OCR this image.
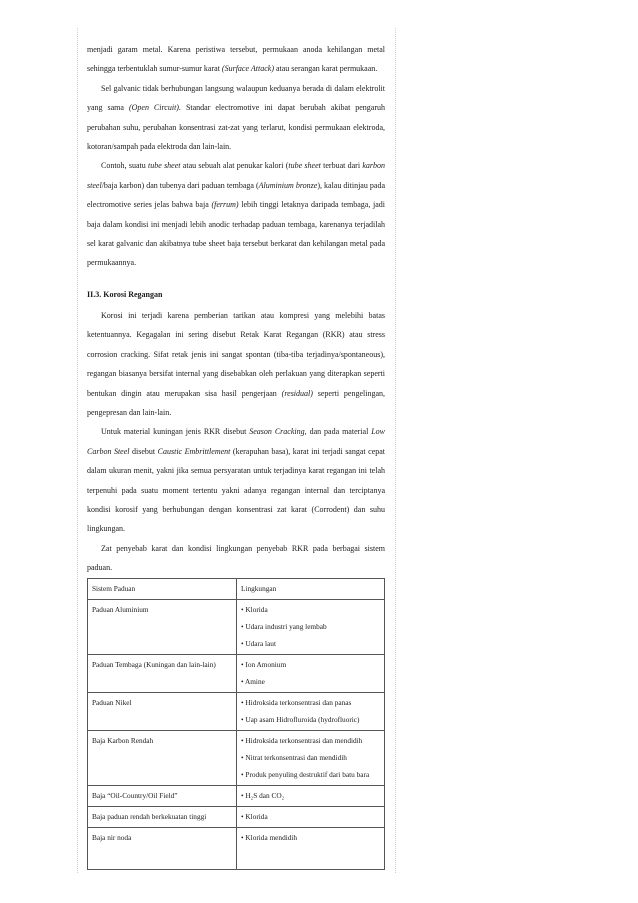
menjadi garam metal. Karena peristiwa tersebut, permukaan anoda kehilangan metal sehingga terbentuklah sumur-sumur karat (Surface Attack) atau serangan karat permukaan.

Sel galvanic tidak berhubungan langsung walaupun keduanya berada di dalam elektrolit yang sama (Open Circuit). Standar electromotive ini dapat berubah akibat pengaruh perubahan suhu, perubahan konsentrasi zat-zat yang terlarut, kondisi permukaan elektroda, kotoran/sampah pada elektroda dan lain-lain.

Contoh, suatu tube sheet atau sebuah alat penukar kalori (tube sheet terbuat dari karbon steel/baja karbon) dan tubenya dari paduan tembaga (Aluminium bronze), kalau ditinjau pada electromotive series jelas bahwa baja (ferrum) lebih tinggi letaknya daripada tembaga, jadi baja dalam kondisi ini menjadi lebih anodic terhadap paduan tembaga, karenanya terjadilah sel karat galvanic dan akibatnya tube sheet baja tersebut berkarat dan kehilangan metal pada permukaannya.

II.3. Korosi Regangan

Korosi ini terjadi karena pemberian tarikan atau kompresi yang melebihi batas ketentuannya. Kegagalan ini sering disebut Retak Karat Regangan (RKR) atau stress corrosion cracking. Sifat retak jenis ini sangat spontan (tiba-tiba terjadinya/spontaneous), regangan biasanya bersifat internal yang disebabkan oleh perlakuan yang diterapkan seperti bentukan dingin atau merupakan sisa hasil pengerjaan (residual) seperti pengelingan, pengepresan dan lain-lain.

Untuk material kuningan jenis RKR disebut Season Cracking, dan pada material Low Carbon Steel disebut Caustic Embrittlement (kerapuhan basa), karat ini terjadi sangat cepat dalam ukuran menit, yakni jika semua persyaratan untuk terjadinya karat regangan ini telah terpenuhi pada suatu moment tertentu yakni adanya regangan internal dan terciptanya kondisi korosif yang berhubungan dengan konsentrasi zat karat (Corrodent) dan suhu lingkungan.

Zat penyebab karat dan kondisi lingkungan penyebab RKR pada berbagai sistem paduan.

Sistem Paduan	Lingkungan
Paduan Aluminium	• Klorida
• Udara industri yang lembab
• Udara laut

Paduan Tembaga (Kuningan dan lain-lain)	• Ion Amonium
• Amine

Paduan Nikel	• Hidroksida terkonsentrasi dan panas
• Uap asam Hidrofluroida (hydrofluoric)

Baja Karbon Rendah	• Hidroksida terkonsentrasi dan mendidih
• Nitrat terkonsentrasi dan mendidih
• Produk penyuling destruktif dari batu bara

Baja “Oil-Country/Oil Field”	• H₂S dan CO₂

Baja paduan rendah berkekuatan tinggi	• Klorida

Baja nir noda	• Klorida mendidih
